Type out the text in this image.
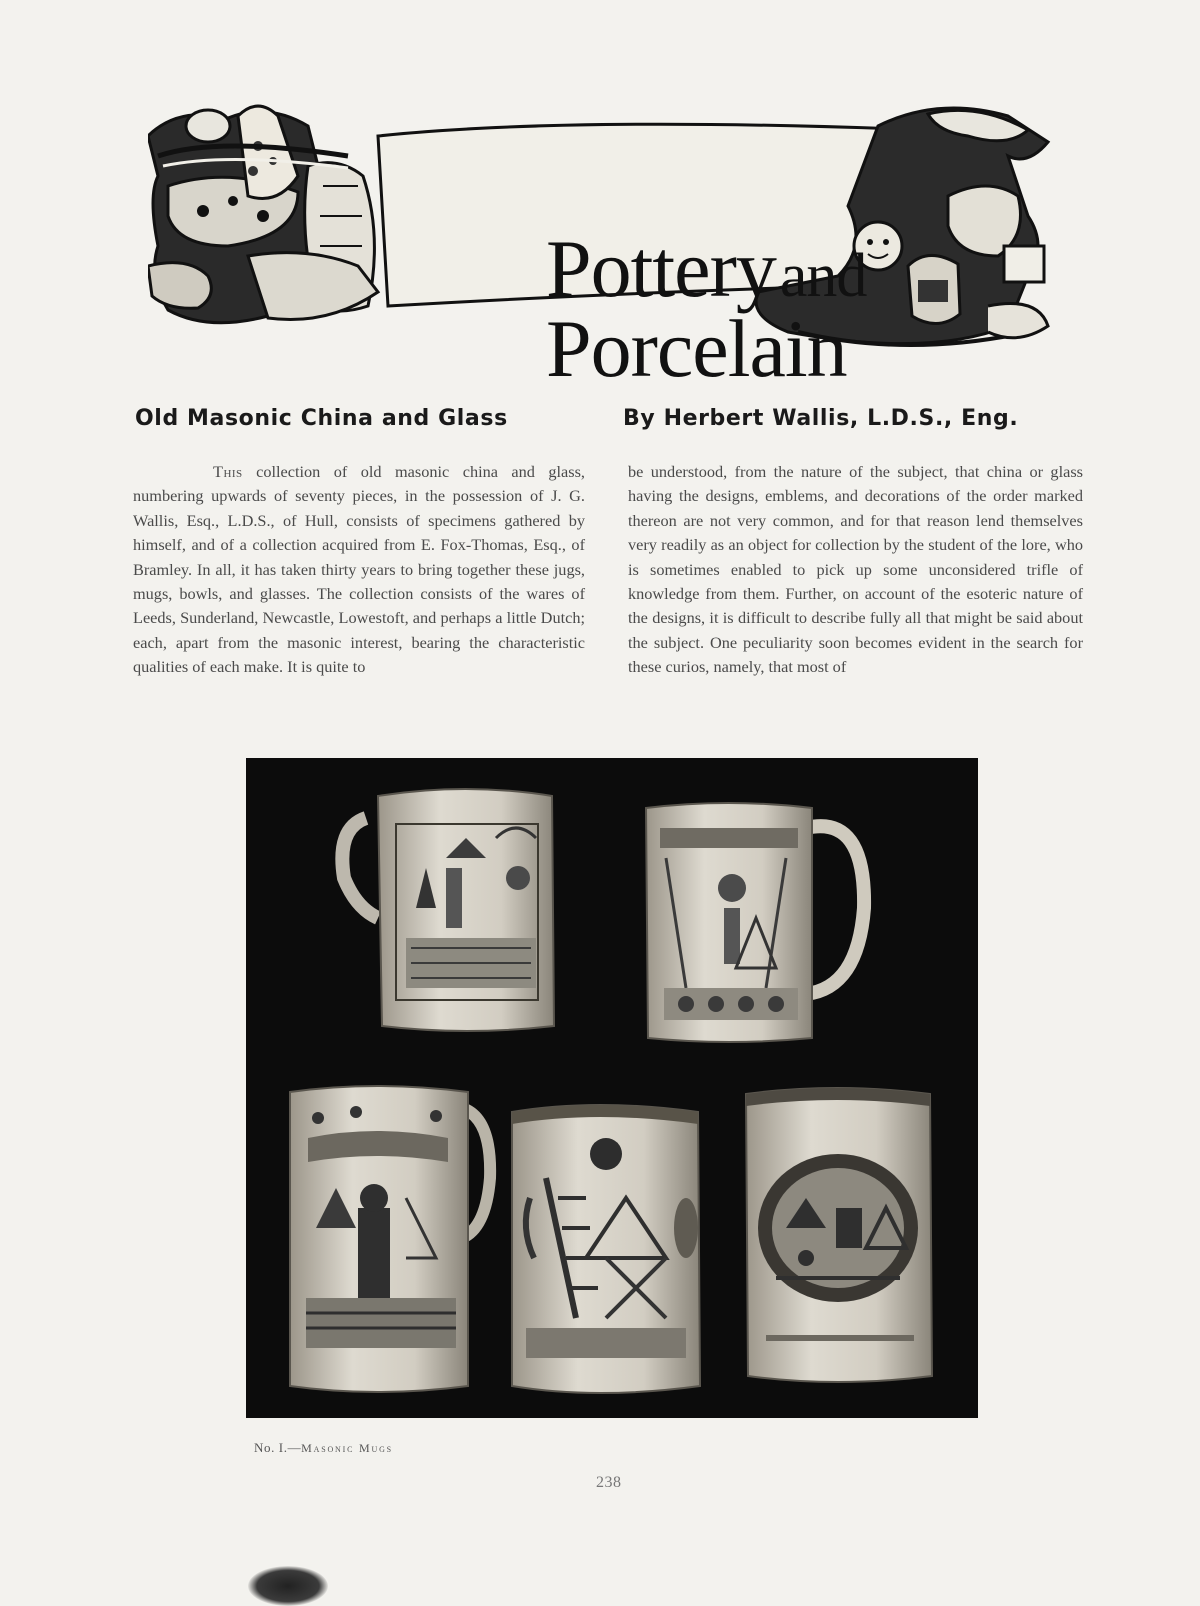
Pottery and
Porcelain
Old Masonic China and Glass	By Herbert Wallis, L.D.S., Eng.

This collection of old masonic china and glass, numbering upwards of seventy pieces, in the possession of J. G. Wallis, Esq., L.D.S., of Hull, consists of specimens gathered by himself, and of a collection acquired from E. Fox-Thomas, Esq., of Bramley. In all, it has taken thirty years to bring together these jugs, mugs, bowls, and glasses. The collection consists of the wares of Leeds, Sunderland, Newcastle, Lowestoft, and perhaps a little Dutch; each, apart from the masonic interest, bearing the characteristic qualities of each make. It is quite to

be understood, from the nature of the subject, that china or glass having the designs, emblems, and decorations of the order marked thereon are not very common, and for that reason lend themselves very readily as an object for collection by the student of the lore, who is sometimes enabled to pick up some unconsidered trifle of knowledge from them. Further, on account of the esoteric nature of the designs, it is difficult to describe fully all that might be said about the subject. One peculiarity soon becomes evident in the search for these curios, namely, that most of

No. I.—Masonic Mugs
238
